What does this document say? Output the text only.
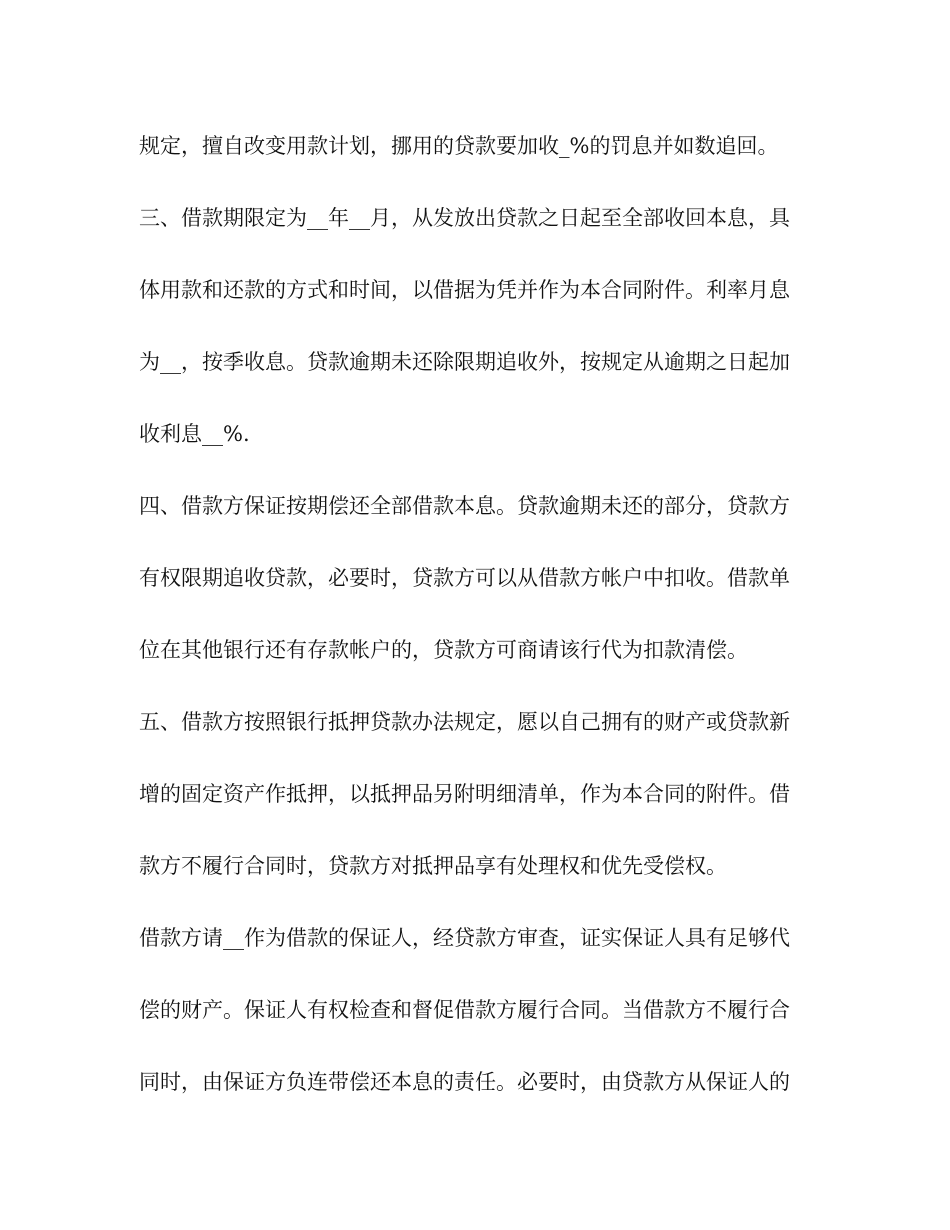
规定，擅自改变用款计划，挪用的贷款要加收_%的罚息并如数追回。
三、借款期限定为__年__月，从发放出贷款之日起至全部收回本息，具
体用款和还款的方式和时间，以借据为凭并作为本合同附件。利率月息
为__，按季收息。贷款逾期未还除限期追收外，按规定从逾期之日起加
收利息__%.
四、借款方保证按期偿还全部借款本息。贷款逾期未还的部分，贷款方
有权限期追收贷款，必要时，贷款方可以从借款方帐户中扣收。借款单
位在其他银行还有存款帐户的，贷款方可商请该行代为扣款清偿。
五、借款方按照银行抵押贷款办法规定，愿以自己拥有的财产或贷款新
增的固定资产作抵押，以抵押品另附明细清单，作为本合同的附件。借
款方不履行合同时，贷款方对抵押品享有处理权和优先受偿权。
借款方请__作为借款的保证人，经贷款方审查，证实保证人具有足够代
偿的财产。保证人有权检查和督促借款方履行合同。当借款方不履行合
同时，由保证方负连带偿还本息的责任。必要时，由贷款方从保证人的
